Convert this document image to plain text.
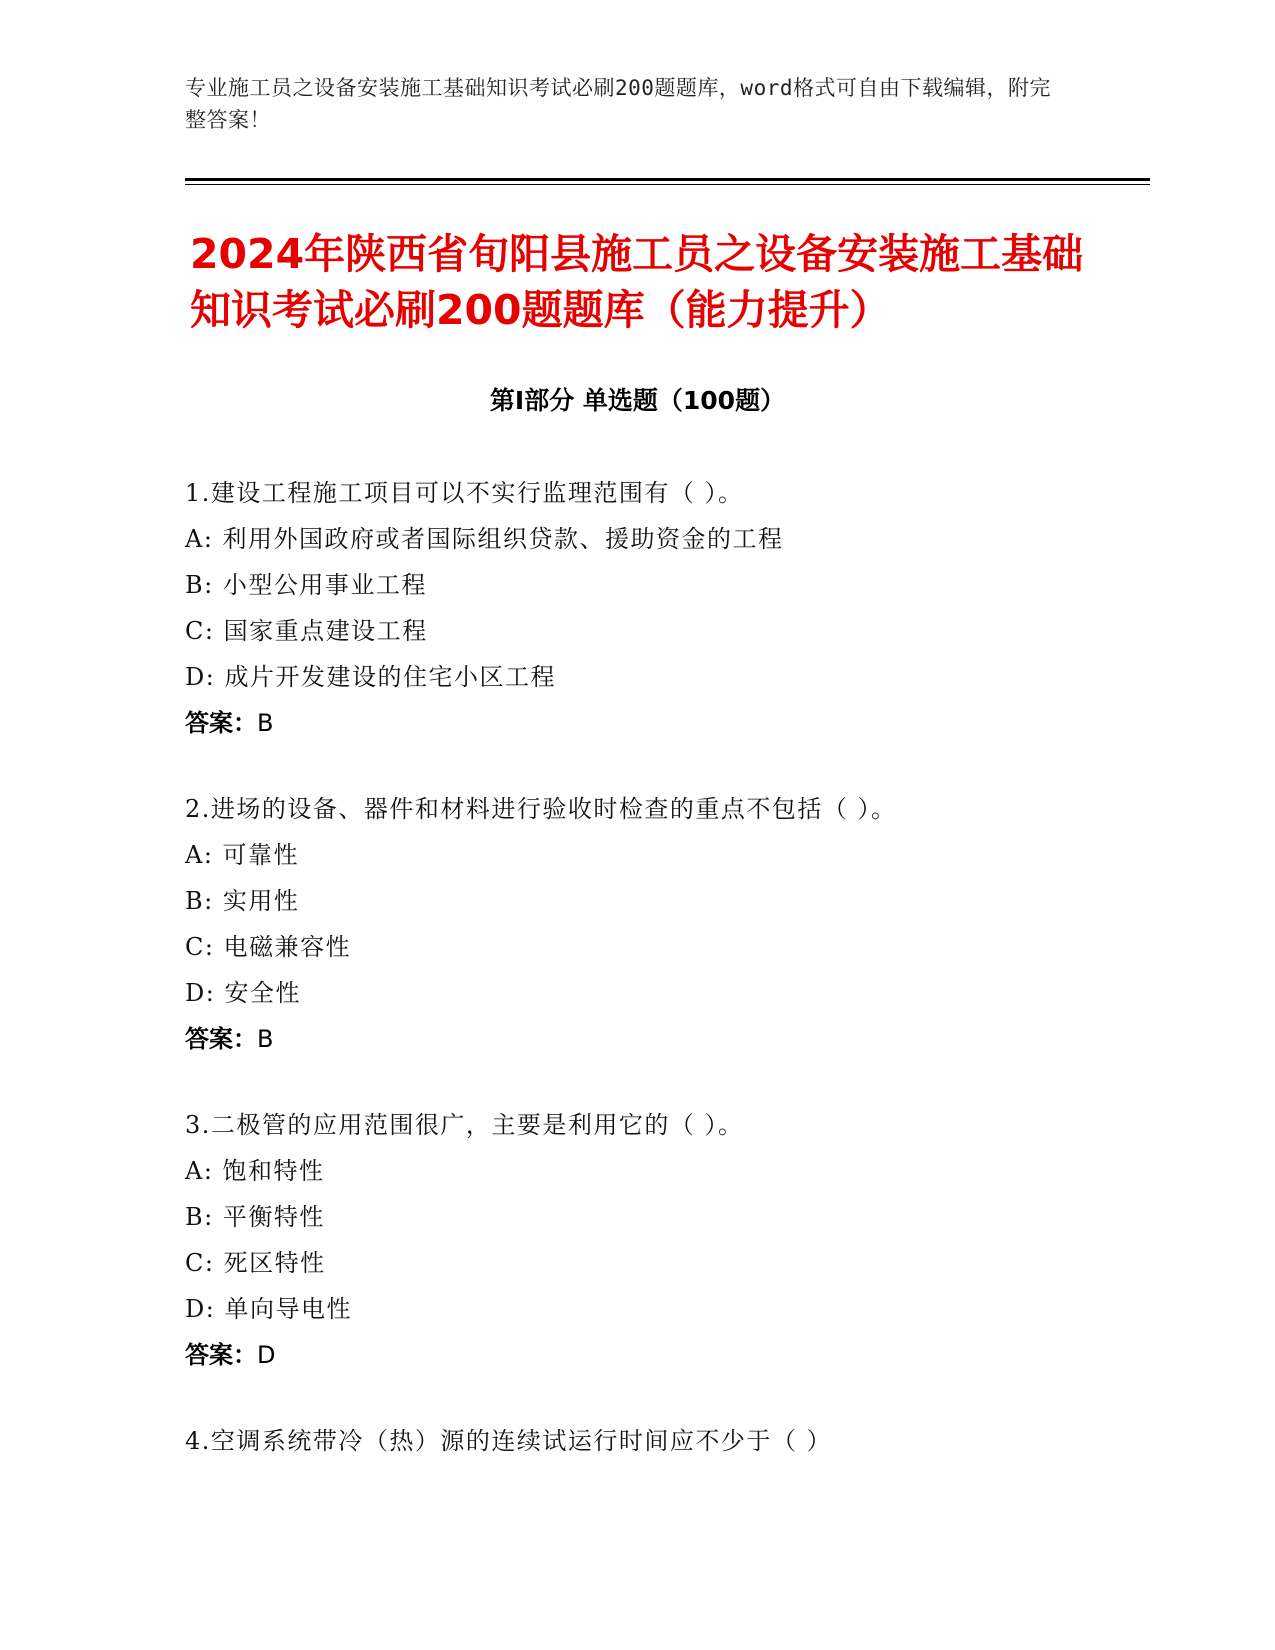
专业施工员之设备安装施工基础知识考试必刷200题题库，word格式可自由下载编辑，附完整答案！
2024年陕西省旬阳县施工员之设备安装施工基础知识考试必刷200题题库（能力提升）
第I部分 单选题（100题）
1.建设工程施工项目可以不实行监理范围有（ ）。
A: 利用外国政府或者国际组织贷款、援助资金的工程
B: 小型公用事业工程
C: 国家重点建设工程
D: 成片开发建设的住宅小区工程
答案：B
2.进场的设备、器件和材料进行验收时检查的重点不包括（ ）。
A: 可靠性
B: 实用性
C: 电磁兼容性
D: 安全性
答案：B
3.二极管的应用范围很广，主要是利用它的（ ）。
A: 饱和特性
B: 平衡特性
C: 死区特性
D: 单向导电性
答案：D
4.空调系统带冷（热）源的连续试运行时间应不少于（ ）
